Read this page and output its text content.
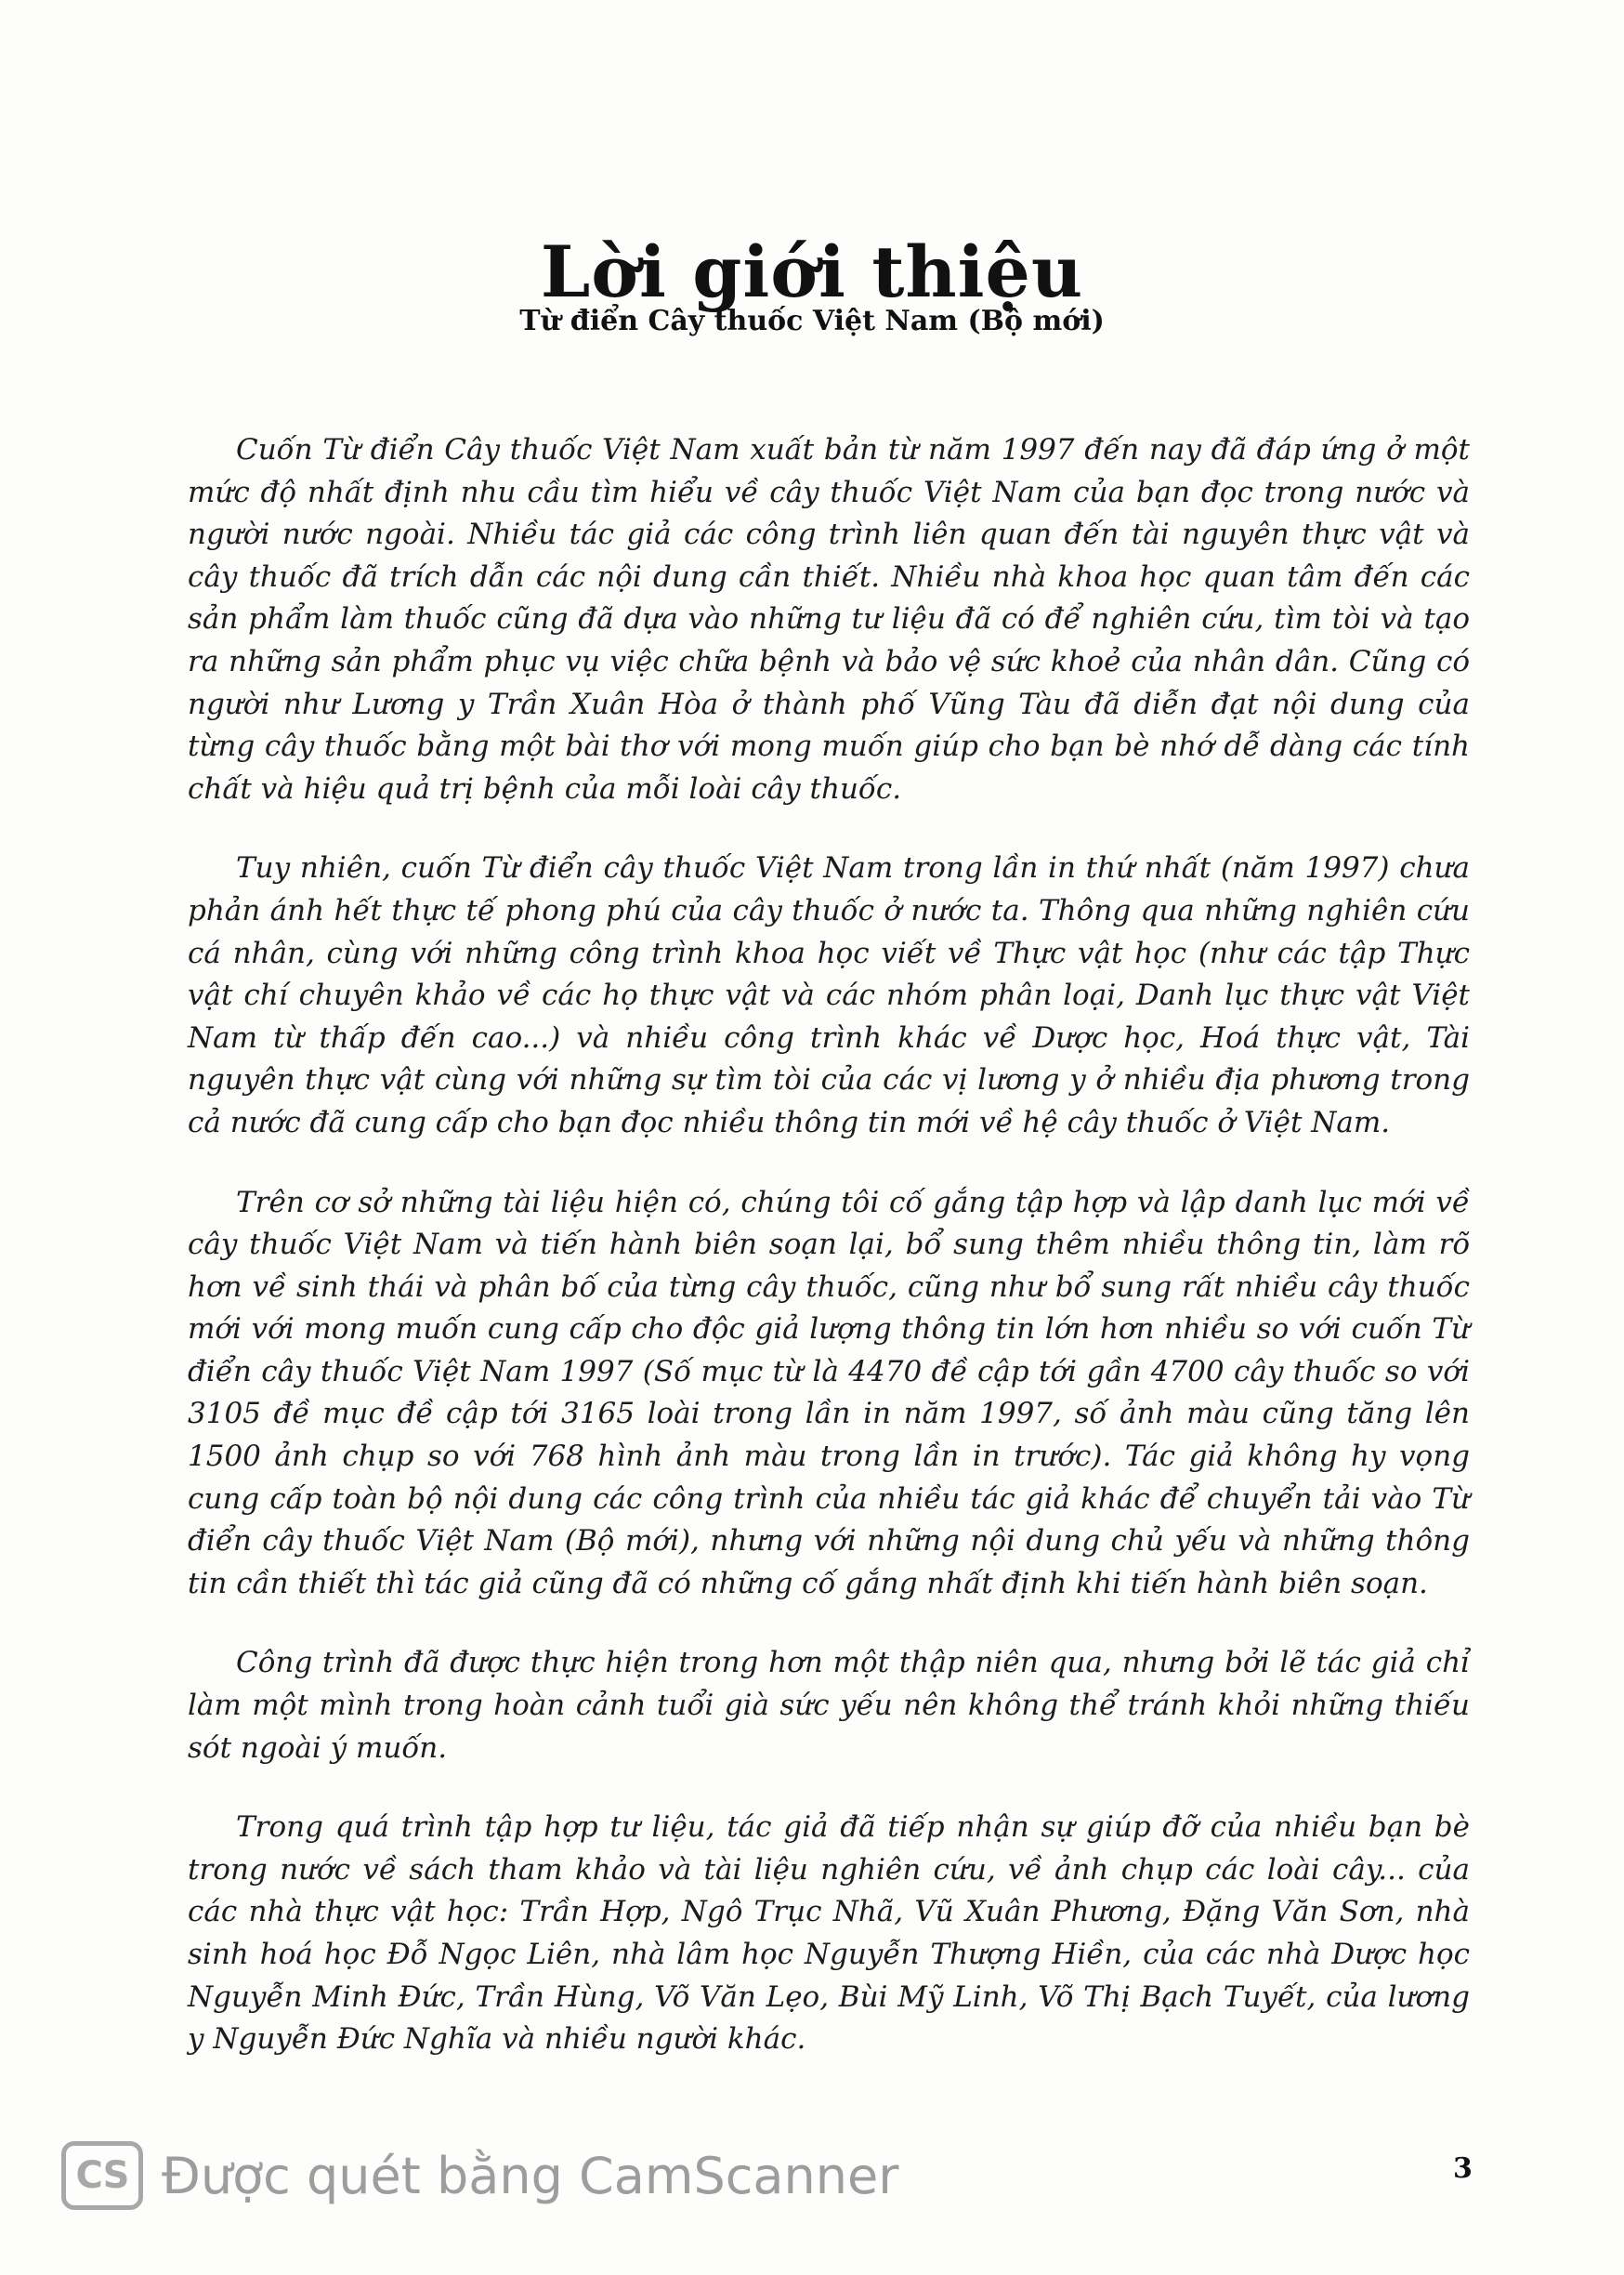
Lời giới thiệu
Từ điển Cây thuốc Việt Nam (Bộ mới)

Cuốn Từ điển Cây thuốc Việt Nam xuất bản từ năm 1997 đến nay đã đáp ứng ở một mức độ nhất định nhu cầu tìm hiểu về cây thuốc Việt Nam của bạn đọc trong nước và người nước ngoài. Nhiều tác giả các công trình liên quan đến tài nguyên thực vật và cây thuốc đã trích dẫn các nội dung cần thiết. Nhiều nhà khoa học quan tâm đến các sản phẩm làm thuốc cũng đã dựa vào những tư liệu đã có để nghiên cứu, tìm tòi và tạo ra những sản phẩm phục vụ việc chữa bệnh và bảo vệ sức khoẻ của nhân dân. Cũng có người như Lương y Trần Xuân Hòa ở thành phố Vũng Tàu đã diễn đạt nội dung của từng cây thuốc bằng một bài thơ với mong muốn giúp cho bạn bè nhớ dễ dàng các tính chất và hiệu quả trị bệnh của mỗi loài cây thuốc.

Tuy nhiên, cuốn Từ điển cây thuốc Việt Nam trong lần in thứ nhất (năm 1997) chưa phản ánh hết thực tế phong phú của cây thuốc ở nước ta. Thông qua những nghiên cứu cá nhân, cùng với những công trình khoa học viết về Thực vật học (như các tập Thực vật chí chuyên khảo về các họ thực vật và các nhóm phân loại, Danh lục thực vật Việt Nam từ thấp đến cao...) và nhiều công trình khác về Dược học, Hoá thực vật, Tài nguyên thực vật cùng với những sự tìm tòi của các vị lương y ở nhiều địa phương trong cả nước đã cung cấp cho bạn đọc nhiều thông tin mới về hệ cây thuốc ở Việt Nam.

Trên cơ sở những tài liệu hiện có, chúng tôi cố gắng tập hợp và lập danh lục mới về cây thuốc Việt Nam và tiến hành biên soạn lại, bổ sung thêm nhiều thông tin, làm rõ hơn về sinh thái và phân bố của từng cây thuốc, cũng như bổ sung rất nhiều cây thuốc mới với mong muốn cung cấp cho độc giả lượng thông tin lớn hơn nhiều so với cuốn Từ điển cây thuốc Việt Nam 1997 (Số mục từ là 4470 đề cập tới gần 4700 cây thuốc so với 3105 đề mục đề cập tới 3165 loài trong lần in năm 1997, số ảnh màu cũng tăng lên 1500 ảnh chụp so với 768 hình ảnh màu trong lần in trước). Tác giả không hy vọng cung cấp toàn bộ nội dung các công trình của nhiều tác giả khác để chuyển tải vào Từ điển cây thuốc Việt Nam (Bộ mới), nhưng với những nội dung chủ yếu và những thông tin cần thiết thì tác giả cũng đã có những cố gắng nhất định khi tiến hành biên soạn.

Công trình đã được thực hiện trong hơn một thập niên qua, nhưng bởi lẽ tác giả chỉ làm một mình trong hoàn cảnh tuổi già sức yếu nên không thể tránh khỏi những thiếu sót ngoài ý muốn.

Trong quá trình tập hợp tư liệu, tác giả đã tiếp nhận sự giúp đỡ của nhiều bạn bè trong nước về sách tham khảo và tài liệu nghiên cứu, về ảnh chụp các loài cây... của các nhà thực vật học: Trần Hợp, Ngô Trục Nhã, Vũ Xuân Phương, Đặng Văn Sơn, nhà sinh hoá học Đỗ Ngọc Liên, nhà lâm học Nguyễn Thượng Hiền, của các nhà Dược học Nguyễn Minh Đức, Trần Hùng, Võ Văn Lẹo, Bùi Mỹ Linh, Võ Thị Bạch Tuyết, của lương y Nguyễn Đức Nghĩa và nhiều người khác.

CS Được quét bằng CamScanner	3
